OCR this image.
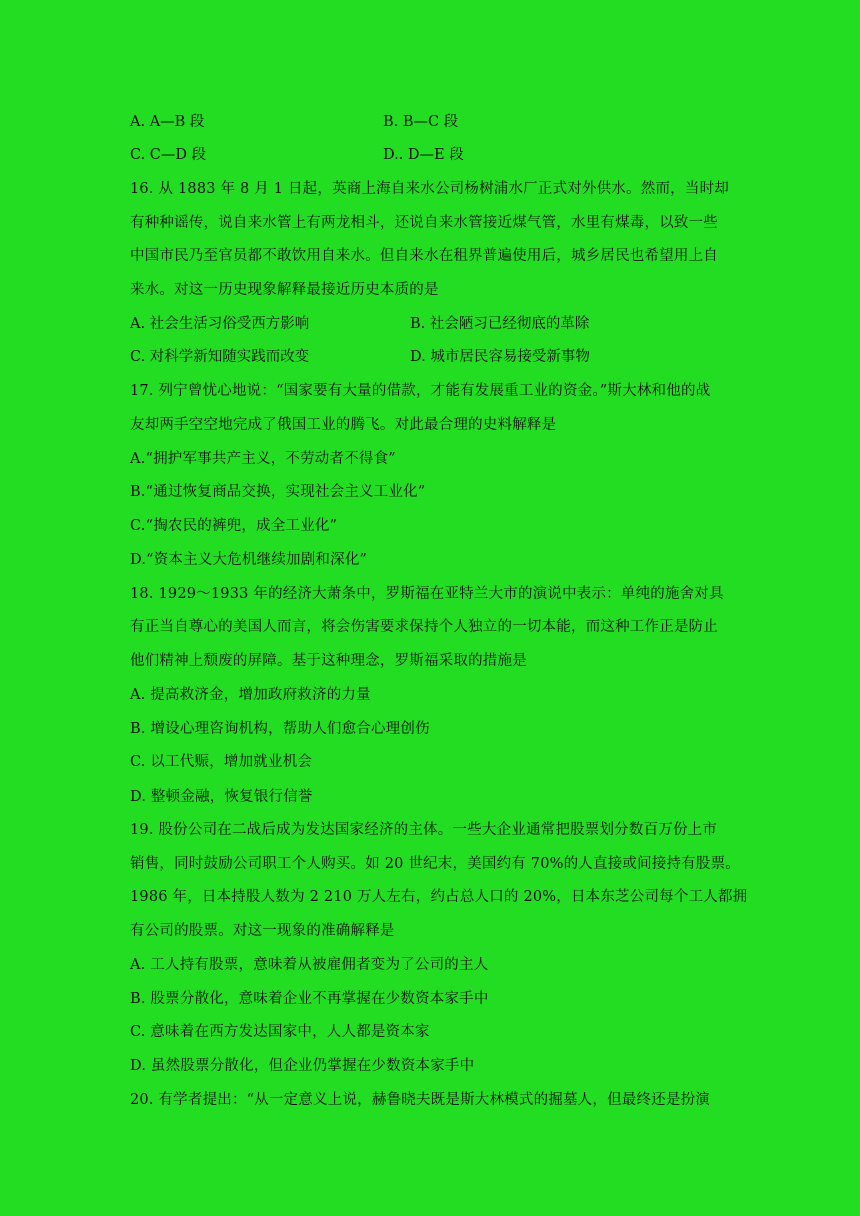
A. A—B 段	B. B—C 段
C. C—D 段	D.. D—E 段
16. 从 1883 年 8 月 1 日起，英商上海自来水公司杨树浦水厂正式对外供水。然而，当时却
有种种谣传，说自来水管上有两龙相斗，还说自来水管接近煤气管，水里有煤毒，以致一些
中国市民乃至官员都不敢饮用自来水。但自来水在租界普遍使用后，城乡居民也希望用上自
来水。对这一历史现象解释最接近历史本质的是
A. 社会生活习俗受西方影响	B. 社会陋习已经彻底的革除
C. 对科学新知随实践而改变	D. 城市居民容易接受新事物
17. 列宁曾忧心地说：“国家要有大量的借款，才能有发展重工业的资金。”斯大林和他的战
友却两手空空地完成了俄国工业的腾飞。对此最合理的史料解释是
A.“拥护军事共产主义，不劳动者不得食”
B.“通过恢复商品交换，实现社会主义工业化”
C.“掏农民的裤兜，成全工业化”
D.“资本主义大危机继续加剧和深化”
18. 1929～1933 年的经济大萧条中，罗斯福在亚特兰大市的演说中表示：单纯的施舍对具
有正当自尊心的美国人而言，将会伤害要求保持个人独立的一切本能，而这种工作正是防止
他们精神上颓废的屏障。基于这种理念，罗斯福采取的措施是
A. 提高救济金，增加政府救济的力量
B. 增设心理咨询机构，帮助人们愈合心理创伤
C. 以工代赈，增加就业机会
D. 整顿金融，恢复银行信誉
19. 股份公司在二战后成为发达国家经济的主体。一些大企业通常把股票划分数百万份上市
销售，同时鼓励公司职工个人购买。如 20 世纪末，美国约有 70%的人直接或间接持有股票。
1986 年，日本持股人数为 2 210 万人左右，约占总人口的 20%，日本东芝公司每个工人都拥
有公司的股票。对这一现象的准确解释是
A. 工人持有股票，意味着从被雇佣者变为了公司的主人
B. 股票分散化，意味着企业不再掌握在少数资本家手中
C. 意味着在西方发达国家中，人人都是资本家
D. 虽然股票分散化，但企业仍掌握在少数资本家手中
20. 有学者提出：“从一定意义上说，赫鲁晓夫既是斯大林模式的掘墓人，但最终还是扮演
